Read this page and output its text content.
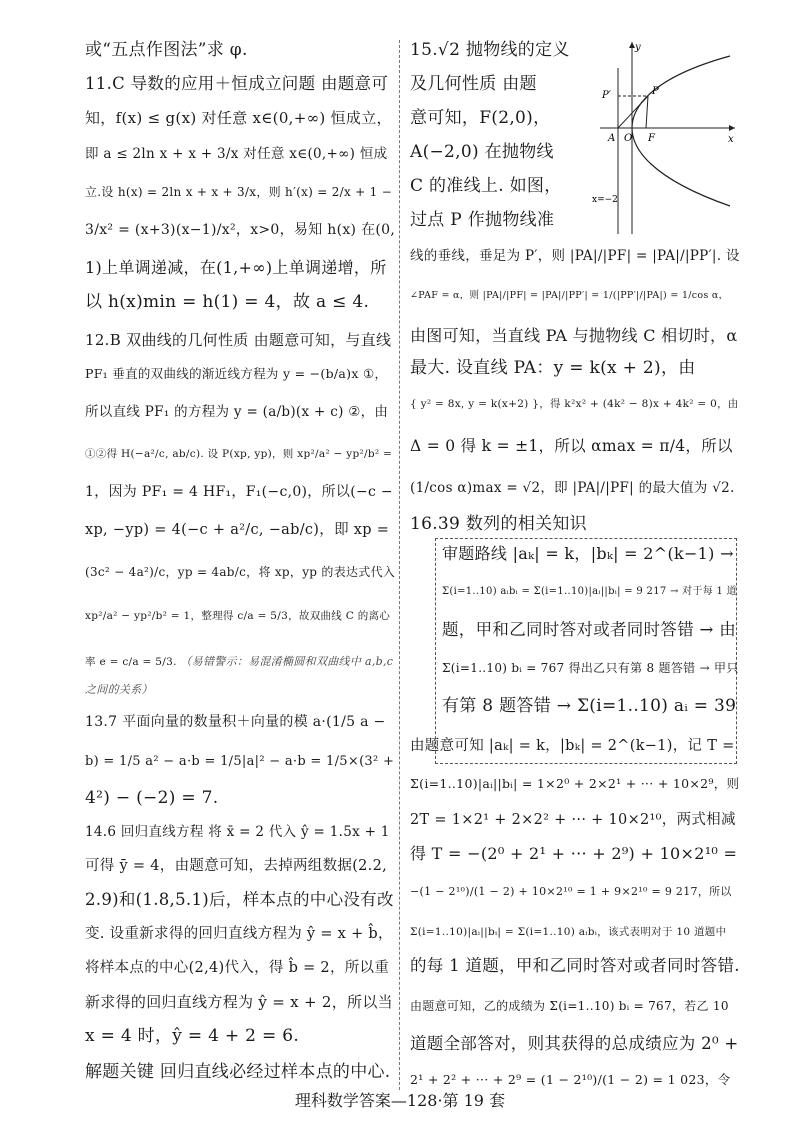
或“五点作图法”求 φ.
11.C 导数的应用＋恒成立问题 由题意可
知，f(x) ≤ g(x) 对任意 x∈(0,+∞) 恒成立，
即 a ≤ 2ln x + x + 3/x 对任意 x∈(0,+∞) 恒成
立.设 h(x) = 2ln x + x + 3/x，则 h′(x) = 2/x + 1 −
3/x² = (x+3)(x−1)/x²，x>0，易知 h(x) 在(0,
1)上单调递减，在(1,+∞)上单调递增，所
以 h(x)min = h(1) = 4，故 a ≤ 4.
12.B 双曲线的几何性质 由题意可知，与直线
PF₁ 垂直的双曲线的渐近线方程为 y = −(b/a)x ①，
所以直线 PF₁ 的方程为 y = (a/b)(x + c) ②，由
①②得 H(−a²/c, ab/c). 设 P(xp, yp)，则 xp²/a² − yp²/b² =
1，因为 PF₁ = 4 HF₁，F₁(−c,0)，所以(−c −
xp, −yp) = 4(−c + a²/c, −ab/c)，即 xp =
(3c² − 4a²)/c，yp = 4ab/c，将 xp，yp 的表达式代入
xp²/a² − yp²/b² = 1，整理得 c/a = 5/3，故双曲线 C 的离心
率 e = c/a = 5/3. （易错警示：易混淆椭圆和双曲线中 a,b,c
之间的关系）
13.7 平面向量的数量积＋向量的模 a·(1/5 a −
b) = 1/5 a² − a·b = 1/5|a|² − a·b = 1/5×(3² +
4²) − (−2) = 7.
14.6 回归直线方程 将 x̄ = 2 代入 ŷ = 1.5x + 1
可得 ȳ = 4，由题意可知，去掉两组数据(2.2,
2.9)和(1.8,5.1)后，样本点的中心没有改
变. 设重新求得的回归直线方程为 ŷ = x + b̂，
将样本点的中心(2,4)代入，得 b̂ = 2，所以重
新求得的回归直线方程为 ŷ = x + 2，所以当
x = 4 时，ŷ = 4 + 2 = 6.
解题关键 回归直线必经过样本点的中心.
15.√2 抛物线的定义
及几何性质 由题
意可知，F(2,0)，
A(−2,0) 在抛物线
C 的准线上. 如图，
过点 P 作抛物线准
y
P′	P
A O F	x
x=−2
线的垂线，垂足为 P′，则 |PA|/|PF| = |PA|/|PP′|. 设
∠PAF = α，则 |PA|/|PF| = |PA|/|PP′| = 1/(|PP′|/|PA|) = 1/cos α，
由图可知，当直线 PA 与抛物线 C 相切时，α
最大. 设直线 PA：y = k(x + 2)，由
{ y² = 8x, y = k(x+2) }，得 k²x² + (4k² − 8)x + 4k² = 0，由
Δ = 0 得 k = ±1，所以 αmax = π/4，所以
(1/cos α)max = √2，即 |PA|/|PF| 的最大值为 √2.
16.39 数列的相关知识
审题路线 |aₖ| = k，|bₖ| = 2^(k−1) →
Σ(i=1..10) aᵢbᵢ = Σ(i=1..10)|aᵢ||bᵢ| = 9 217 → 对于每 1 道
题，甲和乙同时答对或者同时答错 → 由
Σ(i=1..10) bᵢ = 767 得出乙只有第 8 题答错 → 甲只
有第 8 题答错 → Σ(i=1..10) aᵢ = 39
由题意可知 |aₖ| = k，|bₖ| = 2^(k−1)，记 T =
Σ(i=1..10)|aᵢ||bᵢ| = 1×2⁰ + 2×2¹ + ··· + 10×2⁹，则
2T = 1×2¹ + 2×2² + ··· + 10×2¹⁰，两式相减
得 T = −(2⁰ + 2¹ + ··· + 2⁹) + 10×2¹⁰ =
−(1 − 2¹⁰)/(1 − 2) + 10×2¹⁰ = 1 + 9×2¹⁰ = 9 217，所以
Σ(i=1..10)|aᵢ||bᵢ| = Σ(i=1..10) aᵢbᵢ，该式表明对于 10 道题中
的每 1 道题，甲和乙同时答对或者同时答错.
由题意可知，乙的成绩为 Σ(i=1..10) bᵢ = 767，若乙 10
道题全部答对，则其获得的总成绩应为 2⁰ +
2¹ + 2² + ··· + 2⁹ = (1 − 2¹⁰)/(1 − 2) = 1 023，令
理科数学答案—128·第 19 套
